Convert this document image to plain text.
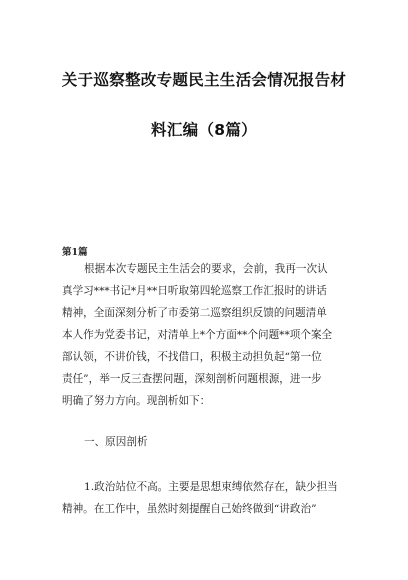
关于巡察整改专题民主生活会情况报告材
料汇编（8篇）
第1篇
根据本次专题民主生活会的要求，会前，我再一次认
真学习***书记*月**日听取第四轮巡察工作汇报时的讲话
精神，全面深刻分析了市委第二巡察组织反馈的问题清单
本人作为党委书记，对清单上*个方面**个问题**项个案全
部认领，不讲价钱，不找借口，积极主动担负起“第一位
责任”，举一反三查摆问题，深刻剖析问题根源，进一步
明确了努力方向。现剖析如下：
一、原因剖析
1.政治站位不高。主要是思想束缚依然存在，缺少担当
精神。在工作中，虽然时刻提醒自己始终做到“讲政治”
